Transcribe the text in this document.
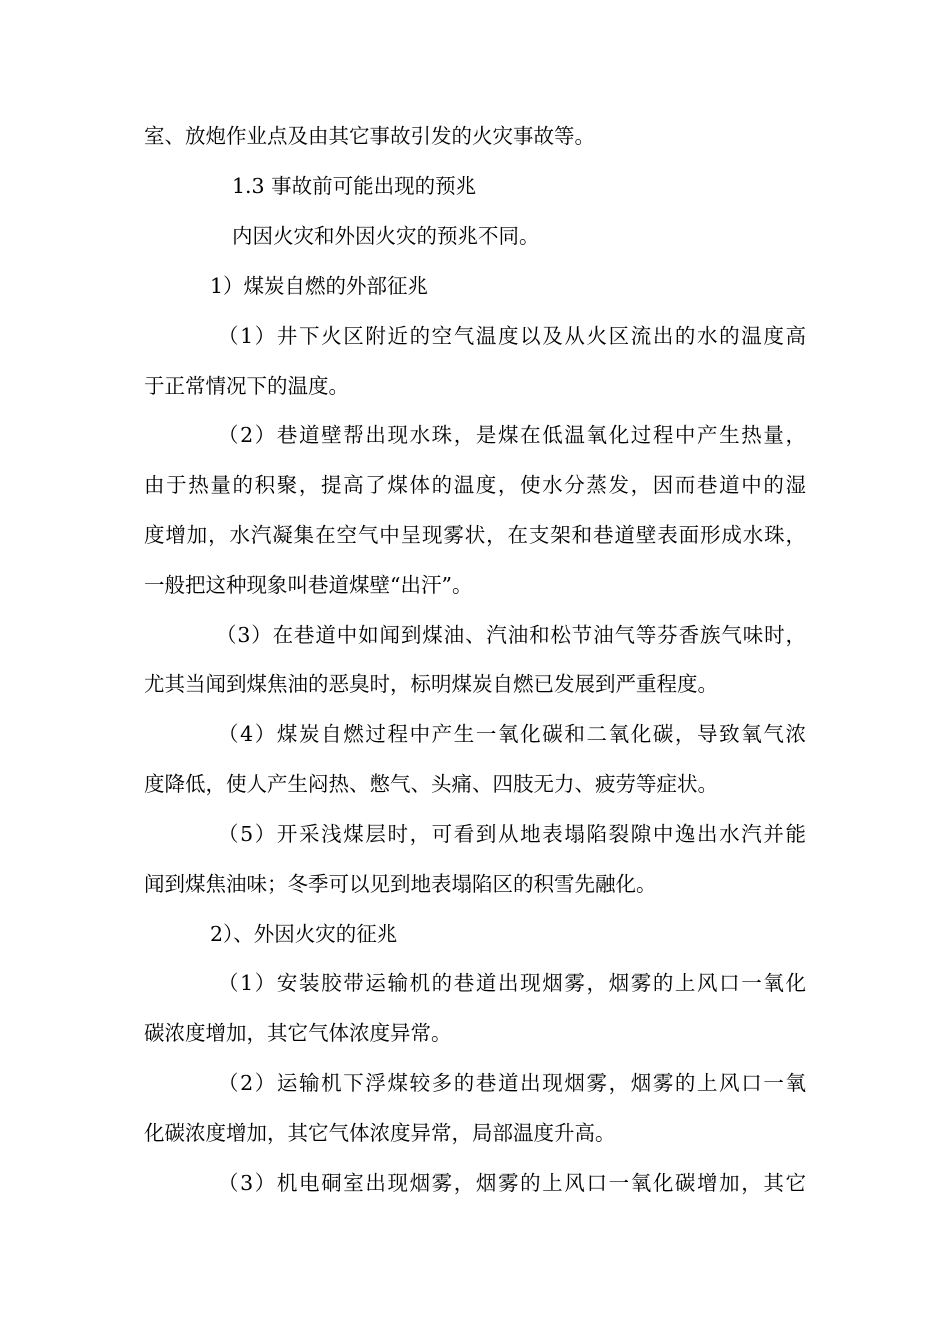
室、放炮作业点及由其它事故引发的火灾事故等。
1.3 事故前可能出现的预兆
内因火灾和外因火灾的预兆不同。
1）煤炭自燃的外部征兆
（1）井下火区附近的空气温度以及从火区流出的水的温度高
于正常情况下的温度。
（2）巷道壁帮出现水珠，是煤在低温氧化过程中产生热量，
由于热量的积聚，提高了煤体的温度，使水分蒸发，因而巷道中的湿
度增加，水汽凝集在空气中呈现雾状，在支架和巷道壁表面形成水珠，
一般把这种现象叫巷道煤壁“出汗”。
（3）在巷道中如闻到煤油、汽油和松节油气等芬香族气味时，
尤其当闻到煤焦油的恶臭时，标明煤炭自燃已发展到严重程度。
（4）煤炭自燃过程中产生一氧化碳和二氧化碳，导致氧气浓
度降低，使人产生闷热、憋气、头痛、四肢无力、疲劳等症状。
（5）开采浅煤层时，可看到从地表塌陷裂隙中逸出水汽并能
闻到煤焦油味；冬季可以见到地表塌陷区的积雪先融化。
2）、外因火灾的征兆
（1）安装胶带运输机的巷道出现烟雾，烟雾的上风口一氧化
碳浓度增加，其它气体浓度异常。
（2）运输机下浮煤较多的巷道出现烟雾，烟雾的上风口一氧
化碳浓度增加，其它气体浓度异常，局部温度升高。
（3）机电硐室出现烟雾，烟雾的上风口一氧化碳增加，其它
